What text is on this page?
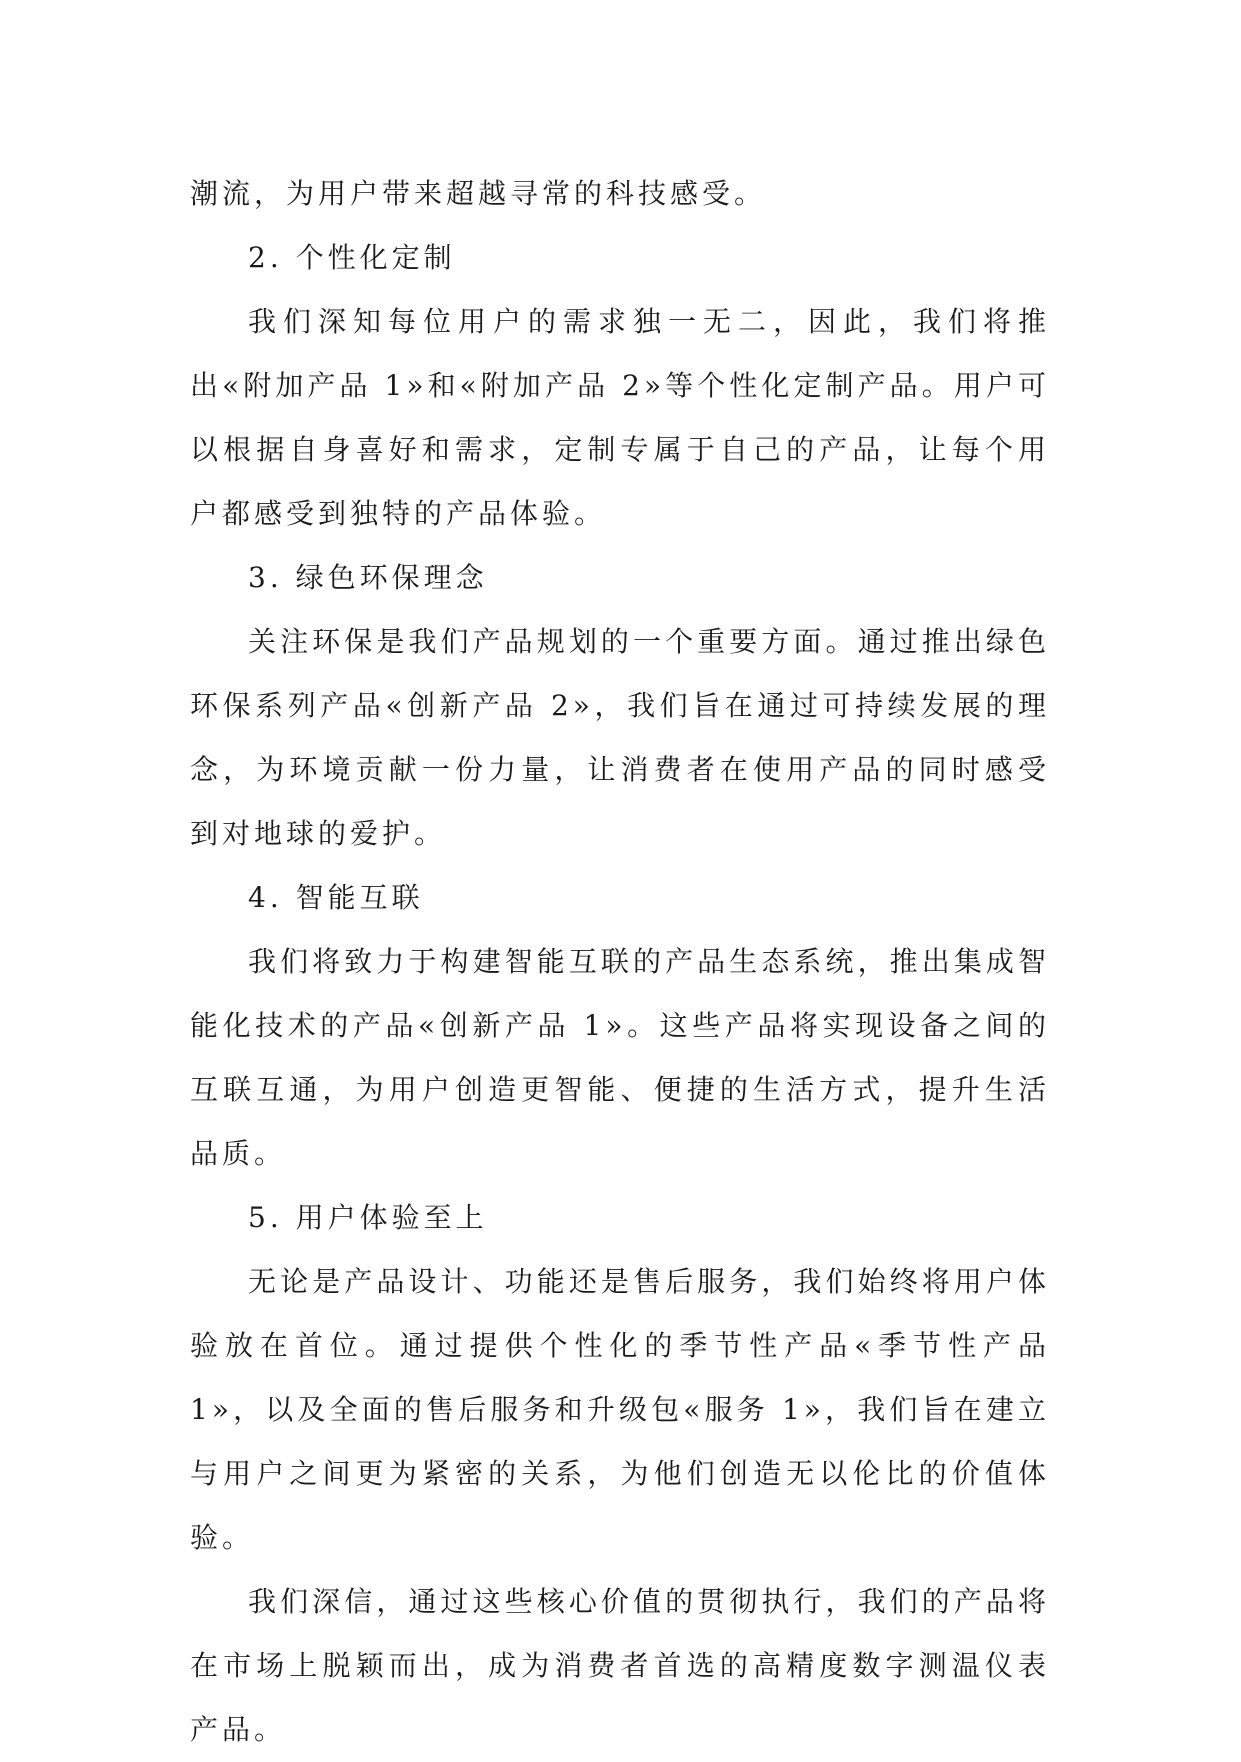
潮流，为用户带来超越寻常的科技感受。

2. 个性化定制

我们深知每位用户的需求独一无二，因此，我们将推出«附加产品 1»和«附加产品 2»等个性化定制产品。用户可以根据自身喜好和需求，定制专属于自己的产品，让每个用户都感受到独特的产品体验。

3. 绿色环保理念

关注环保是我们产品规划的一个重要方面。通过推出绿色环保系列产品«创新产品 2»，我们旨在通过可持续发展的理念，为环境贡献一份力量，让消费者在使用产品的同时感受到对地球的爱护。

4. 智能互联

我们将致力于构建智能互联的产品生态系统，推出集成智能化技术的产品«创新产品 1»。这些产品将实现设备之间的互联互通，为用户创造更智能、便捷的生活方式，提升生活品质。

5. 用户体验至上

无论是产品设计、功能还是售后服务，我们始终将用户体验放在首位。通过提供个性化的季节性产品«季节性产品 1»，以及全面的售后服务和升级包«服务 1»，我们旨在建立与用户之间更为紧密的关系，为他们创造无以伦比的价值体验。

我们深信，通过这些核心价值的贯彻执行，我们的产品将在市场上脱颖而出，成为消费者首选的高精度数字测温仪表产品。
